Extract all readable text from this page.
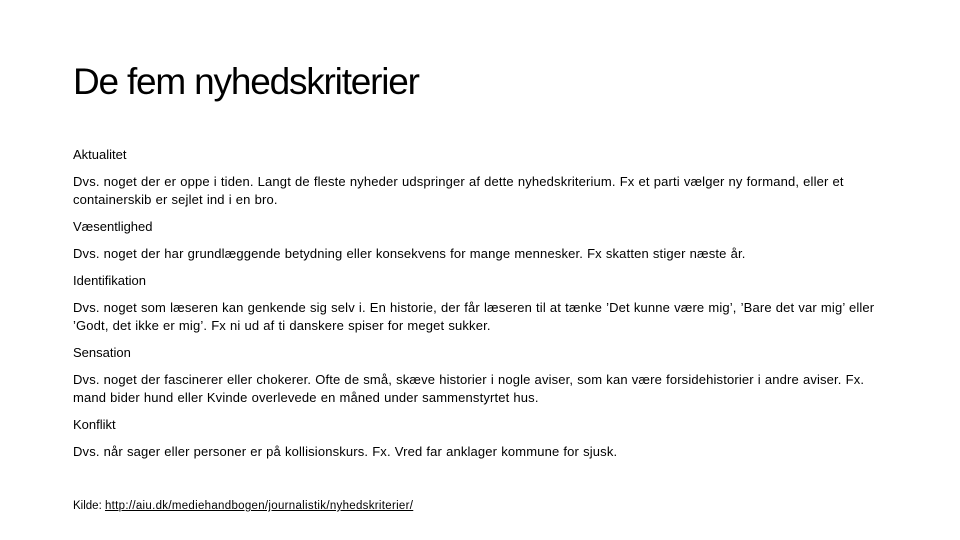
De fem nyhedskriterier

Aktualitet

Dvs. noget der er oppe i tiden. Langt de fleste nyheder udspringer af dette nyhedskriterium. Fx et parti vælger ny formand, eller et containerskib er sejlet ind i en bro.

Væsentlighed

Dvs. noget der har grundlæggende betydning eller konsekvens for mange mennesker. Fx skatten stiger næste år.

Identifikation

Dvs. noget som læseren kan genkende sig selv i. En historie, der får læseren til at tænke ’Det kunne være mig’, ’Bare det var mig’ eller ’Godt, det ikke er mig’. Fx ni ud af ti danskere spiser for meget sukker.

Sensation

Dvs. noget der fascinerer eller chokerer. Ofte de små, skæve historier i nogle aviser, som kan være forsidehistorier i andre aviser. Fx. mand bider hund eller Kvinde overlevede en måned under sammenstyrtet hus.

Konflikt

Dvs. når sager eller personer er på kollisionskurs. Fx. Vred far anklager kommune for sjusk.

Kilde: http://aiu.dk/mediehandbogen/journalistik/nyhedskriterier/
